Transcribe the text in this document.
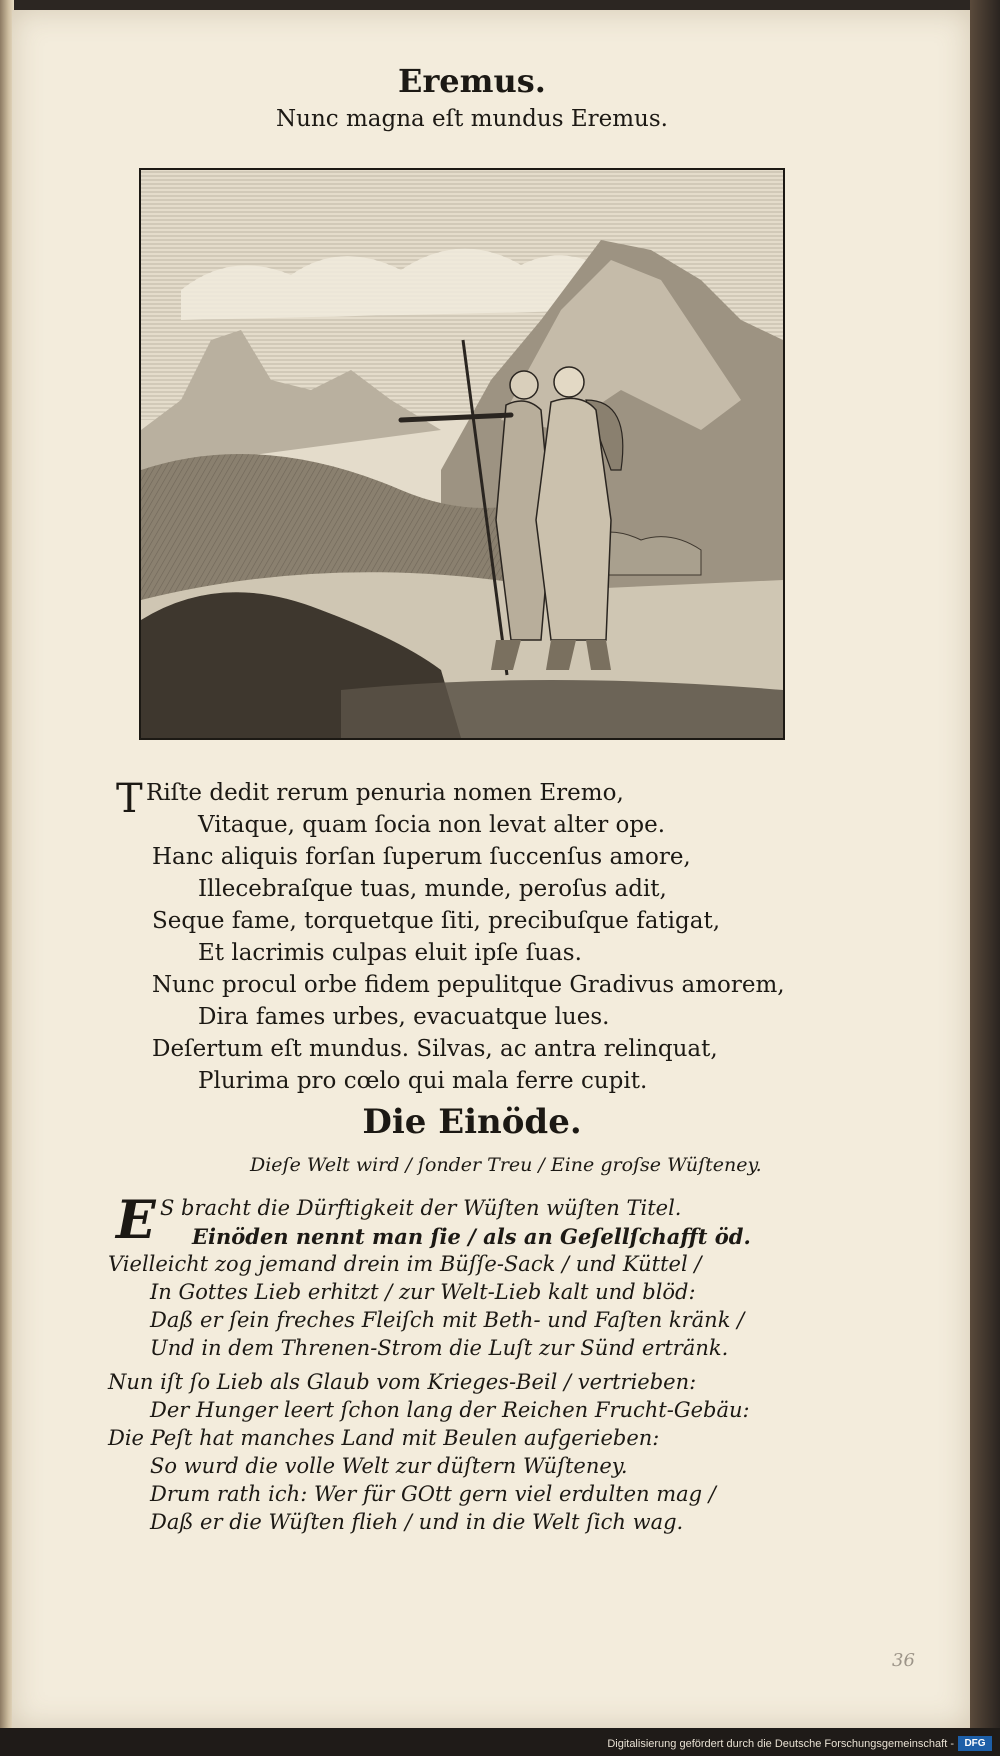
Eremus.
Nunc magna eſt mundus Eremus.
T Riſte dedit rerum penuria nomen Eremo,
Vitaque, quam ſocia non levat alter ope.
Hanc aliquis forſan ſuperum ſuccenſus amore,
Illecebraſque tuas, munde, peroſus adit,
Seque fame, torquetque ſiti, precibuſque fatigat,
Et lacrimis culpas eluit ipſe ſuas.
Nunc procul orbe fidem pepulitque Gradivus amorem,
Dira fames urbes, evacuatque lues.
Deſertum eſt mundus. Silvas, ac antra relinquat,
Plurima pro cœlo qui mala ferre cupit.
Die Einöde.
Dieſe Welt wird / ſonder Treu / Eine groſse Wüſteney.
E S bracht die Dürftigkeit der Wüſten wüſten Titel.
Einöden nennt man ſie / als an Geſellſchafft öd.
Vielleicht zog jemand drein im Büſſe-Sack / und Küttel /
In Gottes Lieb erhitzt / zur Welt-Lieb kalt und blöd:
Daß er ſein freches Fleiſch mit Beth- und Faſten kränk /
Und in dem Threnen-Strom die Luſt zur Sünd ertränk.
Nun iſt ſo Lieb als Glaub vom Krieges-Beil / vertrieben:
Der Hunger leert ſchon lang der Reichen Frucht-Gebäu:
Die Peſt hat manches Land mit Beulen aufgerieben:
So wurd die volle Welt zur düſtern Wüſteney.
Drum rath ich: Wer für GOtt gern viel erdulten mag /
Daß er die Wüſten flieh / und in die Welt ſich wag.
36
Digitalisierung gefördert durch die Deutsche Forschungsgemeinschaft -	DFG
